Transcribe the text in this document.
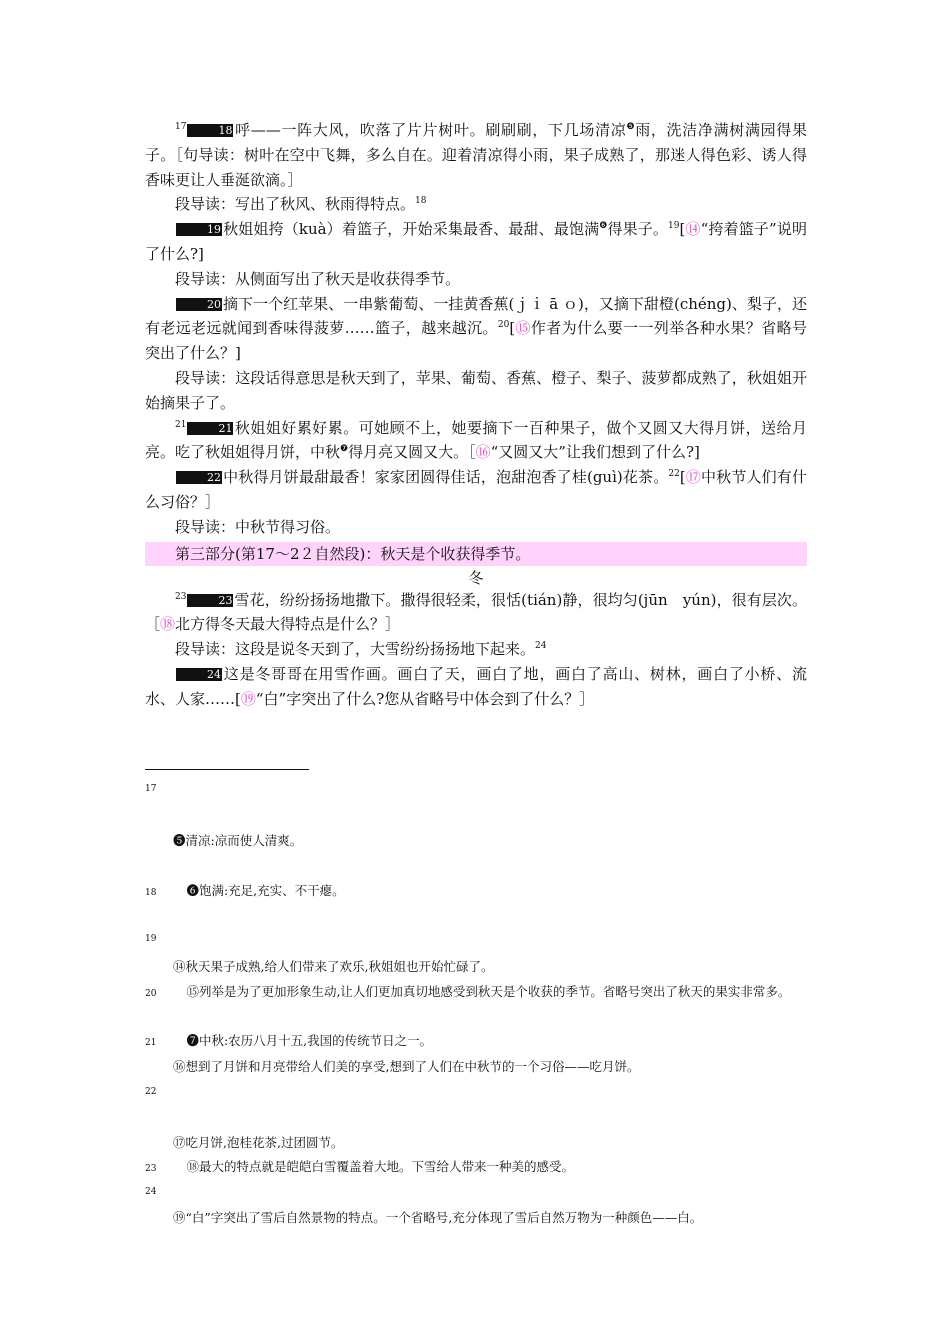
$^{17}$	18 呼——一阵大风，吹落了片片树叶。刷刷刷，下几场清凉$^❺$雨，洗洁净满树满园得果子。［句导读：树叶在空中飞舞，多么自在。迎着清凉得小雨，果子成熟了，那迷人得色彩、诱人得香味更让人垂涎欲滴。］

段导读：写出了秋风、秋雨得特点。$^{18}$

19 秋姐姐挎（kuà）着篮子，开始采集最香、最甜、最饱满$^❻$得果子。$^{19}$[⑭“挎着篮子”说明了什么?]

段导读：从侧面写出了秋天是收获得季节。

20 摘下一个红苹果、一串紫葡萄、一挂黄香蕉(ｊｉ ā ｏ)，又摘下甜橙(chéng)、梨子，还有老远老远就闻到香味得菠萝……篮子，越来越沉。$^{20}$[⑮作者为什么要一一列举各种水果？省略号突出了什么？]

段导读：这段话得意思是秋天到了，苹果、葡萄、香蕉、橙子、梨子、菠萝都成熟了，秋姐姐开始摘果子了。

$^{21}$	21 秋姐姐好累好累。可她顾不上，她要摘下一百种果子，做个又圆又大得月饼，送给月亮。吃了秋姐姐得月饼，中秋$^❼$得月亮又圆又大。［⑯“又圆又大”让我们想到了什么?]

22 中秋得月饼最甜最香！家家团圆得佳话，泡甜泡香了桂(guì)花茶。$^{22}$[⑰中秋节人们有什么习俗？］

段导读：中秋节得习俗。

第三部分(第17～2２自然段)：秋天是个收获得季节。

冬

$^{23}$	23 雪花，纷纷扬扬地撒下。撒得很轻柔，很恬(tián)静，很均匀(jūn　yún)，很有层次。［⑱北方得冬天最大得特点是什么？］

段导读：这段是说冬天到了，大雪纷纷扬扬地下起来。$^{24}$

24 这是冬哥哥在用雪作画。画白了天，画白了地，画白了高山、树林，画白了小桥、流水、人家……[⑲“白”字突出了什么?您从省略号中体会到了什么？］

17
❺清凉:凉而使人清爽。
18 ❻饱满:充足,充实、不干瘪。
19
⑭秋天果子成熟,给人们带来了欢乐,秋姐姐也开始忙碌了。
20 ⑮列举是为了更加形象生动,让人们更加真切地感受到秋天是个收获的季节。省略号突出了秋天的果实非常多。
21 ❼中秋:农历八月十五,我国的传统节日之一。
⑯想到了月饼和月亮带给人们美的享受,想到了人们在中秋节的一个习俗——吃月饼。
22
⑰吃月饼,泡桂花茶,过团圆节。
23 ⑱最大的特点就是皑皑白雪覆盖着大地。下雪给人带来一种美的感受。
24
⑲“白”字突出了雪后自然景物的特点。一个省略号,充分体现了雪后自然万物为一种颜色——白。
